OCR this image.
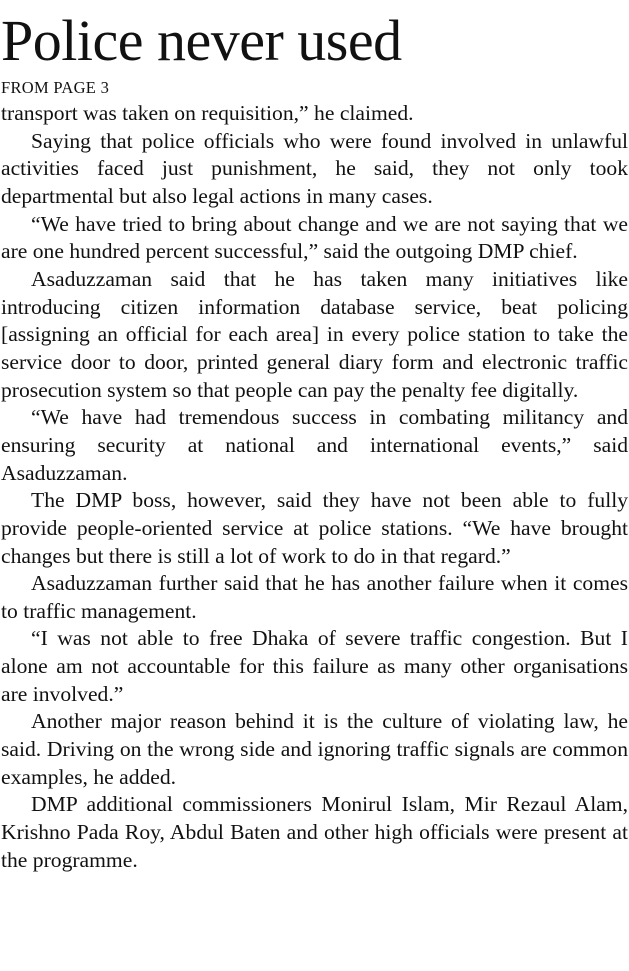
Police never used

FROM PAGE 3

transport was taken on requisition,” he claimed.

Saying that police officials who were found involved in unlawful activities faced just punishment, he said, they not only took departmental but also legal actions in many cases.

“We have tried to bring about change and we are not saying that we are one hundred percent successful,” said the outgoing DMP chief.

Asaduzzaman said that he has taken many initiatives like introducing citizen information database service, beat policing [assigning an official for each area] in every police station to take the service door to door, printed general diary form and electronic traffic prosecution system so that people can pay the penalty fee digitally.

“We have had tremendous success in combating militancy and ensuring security at national and international events,” said Asaduzzaman.

The DMP boss, however, said they have not been able to fully provide people-oriented service at police stations. “We have brought changes but there is still a lot of work to do in that regard.”

Asaduzzaman further said that he has another failure when it comes to traffic management.

“I was not able to free Dhaka of severe traffic congestion. But I alone am not accountable for this failure as many other organisations are involved.”

Another major reason behind it is the culture of violating law, he said. Driving on the wrong side and ignoring traffic signals are common examples, he added.

DMP additional commissioners Monirul Islam, Mir Rezaul Alam, Krishno Pada Roy, Abdul Baten and other high officials were present at the programme.
